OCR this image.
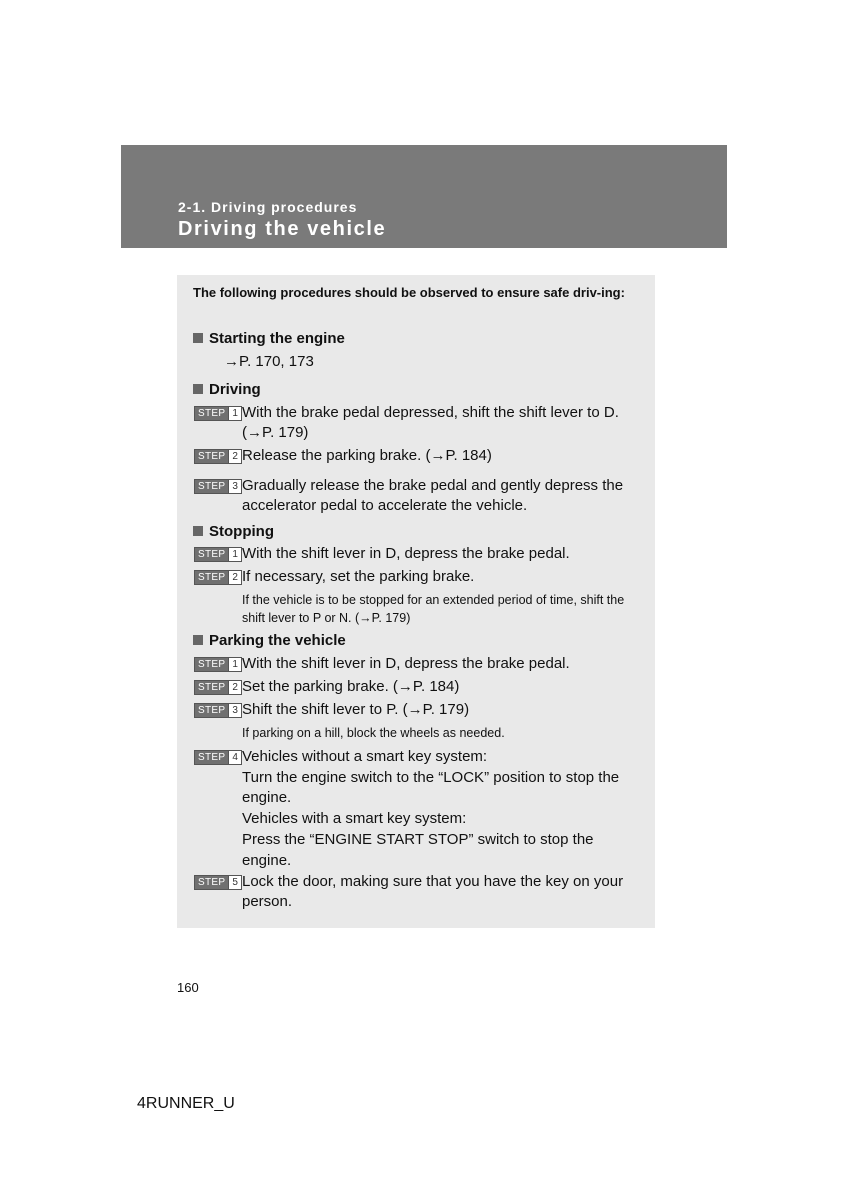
2-1. Driving procedures
Driving the vehicle
The following procedures should be observed to ensure safe driv-ing:
Starting the engine
→P. 170, 173
Driving
STEP 1 With the brake pedal depressed, shift the shift lever to D.
(→P. 179)
STEP 2 Release the parking brake. (→P. 184)
STEP 3 Gradually release the brake pedal and gently depress the
accelerator pedal to accelerate the vehicle.
Stopping
STEP 1 With the shift lever in D, depress the brake pedal.
STEP 2 If necessary, set the parking brake.
If the vehicle is to be stopped for an extended period of time, shift the shift lever to P or N. (→P. 179)
Parking the vehicle
STEP 1 With the shift lever in D, depress the brake pedal.
STEP 2 Set the parking brake. (→P. 184)
STEP 3 Shift the shift lever to P. (→P. 179)
If parking on a hill, block the wheels as needed.
STEP 4 Vehicles without a smart key system:
Turn the engine switch to the “LOCK” position to stop the
engine.
Vehicles with a smart key system:
Press the “ENGINE START STOP” switch to stop the
engine.
STEP 5 Lock the door, making sure that you have the key on your
person.
160
4RUNNER_U
